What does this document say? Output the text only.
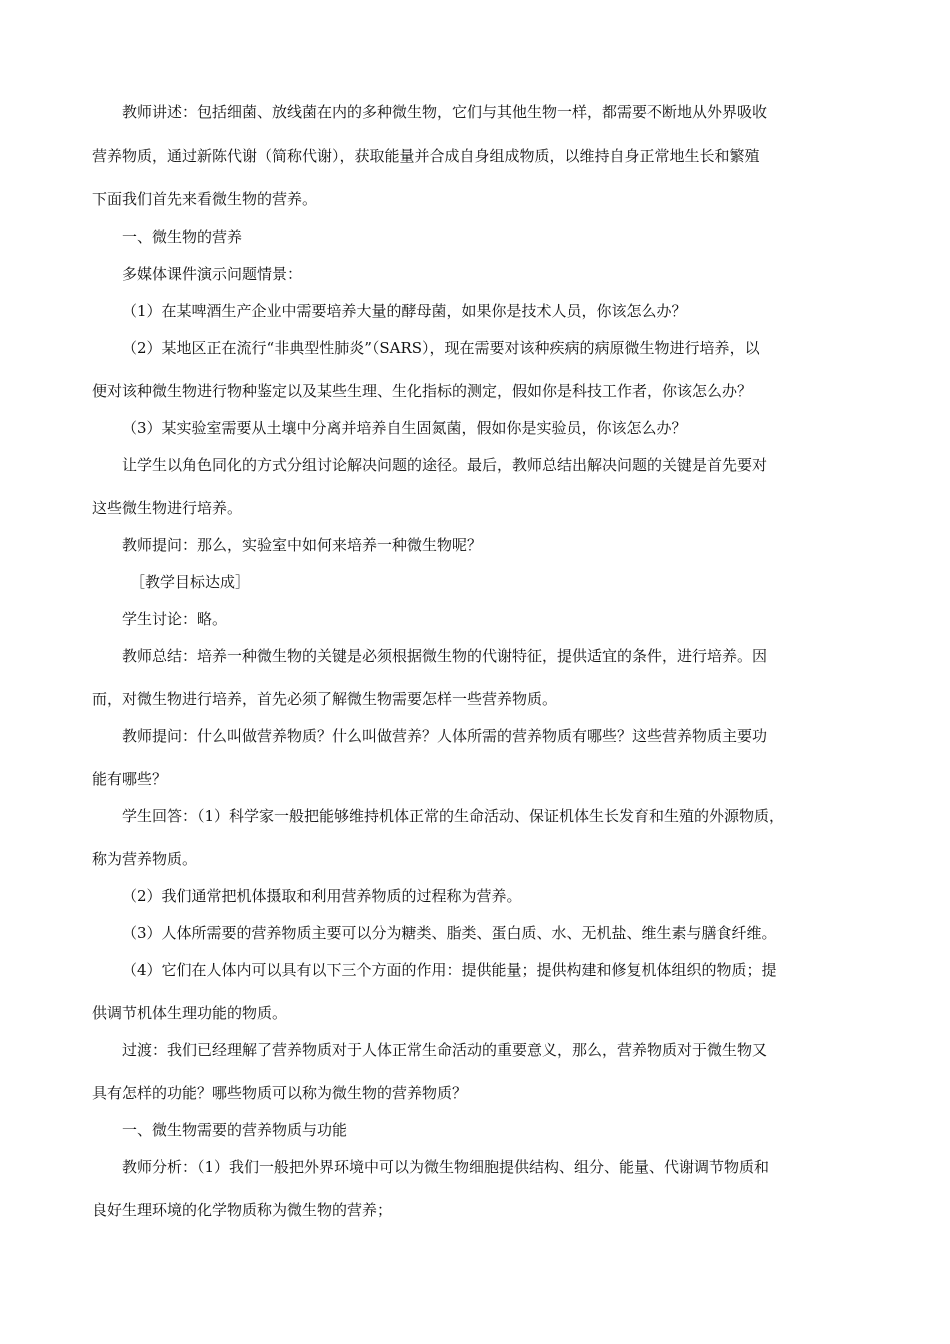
教师讲述：包括细菌、放线菌在内的多种微生物，它们与其他生物一样，都需要不断地从外界吸收
营养物质，通过新陈代谢（简称代谢），获取能量并合成自身组成物质，以维持自身正常地生长和繁殖
下面我们首先来看微生物的营养。
一、微生物的营养
多媒体课件演示问题情景：
（1）在某啤酒生产企业中需要培养大量的酵母菌，如果你是技术人员，你该怎么办？
（2）某地区正在流行“非典型性肺炎”（SARS），现在需要对该种疾病的病原微生物进行培养，以
便对该种微生物进行物种鉴定以及某些生理、生化指标的测定，假如你是科技工作者，你该怎么办？
（3）某实验室需要从土壤中分离并培养自生固氮菌，假如你是实验员，你该怎么办？
让学生以角色同化的方式分组讨论解决问题的途径。最后，教师总结出解决问题的关键是首先要对
这些微生物进行培养。
教师提问：那么，实验室中如何来培养一种微生物呢？
［教学目标达成］
学生讨论：略。
教师总结：培养一种微生物的关键是必须根据微生物的代谢特征，提供适宜的条件，进行培养。因
而，对微生物进行培养，首先必须了解微生物需要怎样一些营养物质。
教师提问：什么叫做营养物质？什么叫做营养？人体所需的营养物质有哪些？这些营养物质主要功
能有哪些？
学生回答：（1）科学家一般把能够维持机体正常的生命活动、保证机体生长发育和生殖的外源物质，
称为营养物质。
（2）我们通常把机体摄取和利用营养物质的过程称为营养。
（3）人体所需要的营养物质主要可以分为糖类、脂类、蛋白质、水、无机盐、维生素与膳食纤维。
（4）它们在人体内可以具有以下三个方面的作用：提供能量；提供构建和修复机体组织的物质；提
供调节机体生理功能的物质。
过渡：我们已经理解了营养物质对于人体正常生命活动的重要意义，那么，营养物质对于微生物又
具有怎样的功能？哪些物质可以称为微生物的营养物质？
一、微生物需要的营养物质与功能
教师分析：（1）我们一般把外界环境中可以为微生物细胞提供结构、组分、能量、代谢调节物质和
良好生理环境的化学物质称为微生物的营养；
